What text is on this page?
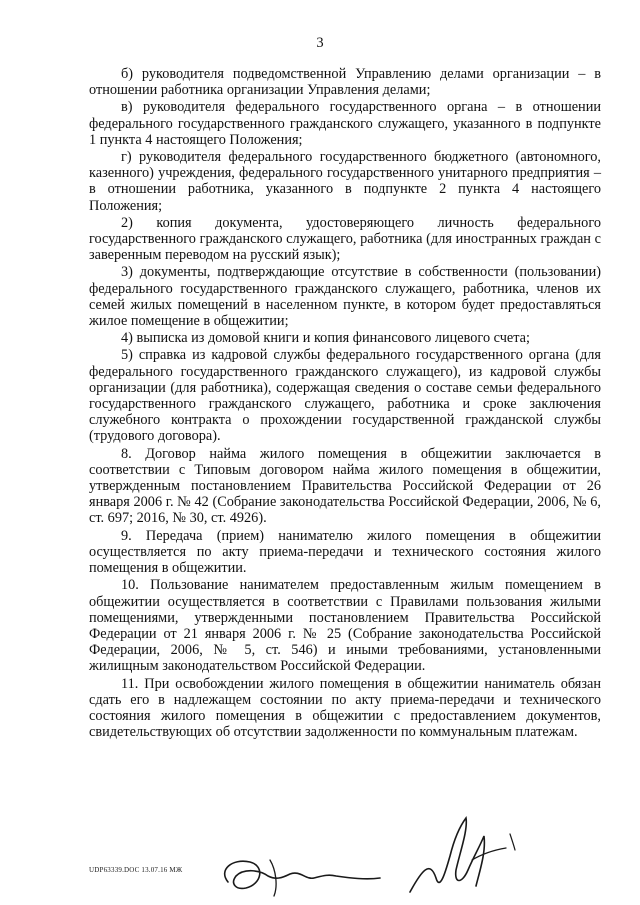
3

б) руководителя подведомственной Управлению делами организации – в отношении работника организации Управления делами;

в) руководителя федерального государственного органа – в отношении федерального государственного гражданского служащего, указанного в подпункте 1 пункта 4 настоящего Положения;

г) руководителя федерального государственного бюджетного (автономного, казенного) учреждения, федерального государственного унитарного предприятия – в отношении работника, указанного в подпункте 2 пункта 4 настоящего Положения;

2) копия документа, удостоверяющего личность федерального государственного гражданского служащего, работника (для иностранных граждан с заверенным переводом на русский язык);

3) документы, подтверждающие отсутствие в собственности (пользовании) федерального государственного гражданского служащего, работника, членов их семей жилых помещений в населенном пункте, в котором будет предоставляться жилое помещение в общежитии;

4) выписка из домовой книги и копия финансового лицевого счета;

5) справка из кадровой службы федерального государственного органа (для федерального государственного гражданского служащего), из кадровой службы организации (для работника), содержащая сведения о составе семьи федерального государственного гражданского служащего, работника и сроке заключения служебного контракта о прохождении государственной гражданской службы (трудового договора).

8. Договор найма жилого помещения в общежитии заключается в соответствии с Типовым договором найма жилого помещения в общежитии, утвержденным постановлением Правительства Российской Федерации от 26 января 2006 г. № 42 (Собрание законодательства Российской Федерации, 2006, № 6, ст. 697; 2016, № 30, ст. 4926).

9. Передача (прием) нанимателю жилого помещения в общежитии осуществляется по акту приема-передачи и технического состояния жилого помещения в общежитии.

10. Пользование нанимателем предоставленным жилым помещением в общежитии осуществляется в соответствии с Правилами пользования жилыми помещениями, утвержденными постановлением Правительства Российской Федерации от 21 января 2006 г. № 25 (Собрание законодательства Российской Федерации, 2006, № 5, ст. 546) и иными требованиями, установленными жилищным законодательством Российской Федерации.

11. При освобождении жилого помещения в общежитии наниматель обязан сдать его в надлежащем состоянии по акту приема-передачи и технического состояния жилого помещения в общежитии с предоставлением документов, свидетельствующих об отсутствии задолженности по коммунальным платежам.

UDP63339.DOC 13.07.16 МЖ
